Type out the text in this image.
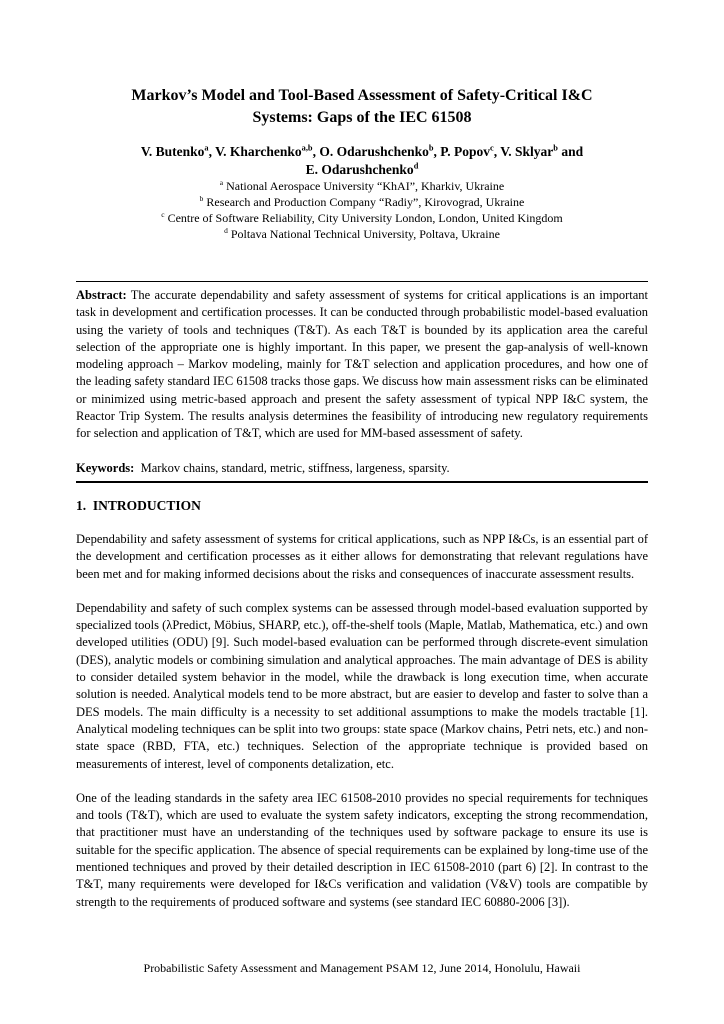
Markov’s Model and Tool-Based Assessment of Safety-Critical I&C
Systems: Gaps of the IEC 61508
V. Butenko$^a$, V. Kharchenko$^{a,b}$, O. Odarushchenko$^b$, P. Popov$^c$, V. Sklyar$^b$ and
E. Odarushchenko$^d$
$^a$ National Aerospace University “KhAI”, Kharkiv, Ukraine
$^b$ Research and Production Company “Radiy”, Kirovograd, Ukraine
$^c$ Centre of Software Reliability, City University London, London, United Kingdom
$^d$ Poltava National Technical University, Poltava, Ukraine

Abstract: The accurate dependability and safety assessment of systems for critical applications is an important task in development and certification processes. It can be conducted through probabilistic model-based evaluation using the variety of tools and techniques (T&T). As each T&T is bounded by its application area the careful selection of the appropriate one is highly important. In this paper, we present the gap-analysis of well-known modeling approach – Markov modeling, mainly for T&T selection and application procedures, and how one of the leading safety standard IEC 61508 tracks those gaps. We discuss how main assessment risks can be eliminated or minimized using metric-based approach and present the safety assessment of typical NPP I&C system, the Reactor Trip System. The results analysis determines the feasibility of introducing new regulatory requirements for selection and application of T&T, which are used for MM-based assessment of safety.

Keywords: Markov chains, standard, metric, stiffness, largeness, sparsity.

1.  INTRODUCTION

Dependability and safety assessment of systems for critical applications, such as NPP I&Cs, is an essential part of the development and certification processes as it either allows for demonstrating that relevant regulations have been met and for making informed decisions about the risks and consequences of inaccurate assessment results.

Dependability and safety of such complex systems can be assessed through model-based evaluation supported by specialized tools (λPredict, Möbius, SHARP, etc.), off-the-shelf tools (Maple, Matlab, Mathematica, etc.) and own developed utilities (ODU) [9]. Such model-based evaluation can be performed through discrete-event simulation (DES), analytic models or combining simulation and analytical approaches. The main advantage of DES is ability to consider detailed system behavior in the model, while the drawback is long execution time, when accurate solution is needed. Analytical models tend to be more abstract, but are easier to develop and faster to solve than a DES models. The main difficulty is a necessity to set additional assumptions to make the models tractable [1]. Analytical modeling techniques can be split into two groups: state space (Markov chains, Petri nets, etc.) and non-state space (RBD, FTA, etc.) techniques. Selection of the appropriate technique is provided based on measurements of interest, level of components detalization, etc.

One of the leading standards in the safety area IEC 61508-2010 provides no special requirements for techniques and tools (T&T), which are used to evaluate the system safety indicators, excepting the strong recommendation, that practitioner must have an understanding of the techniques used by software package to ensure its use is suitable for the specific application. The absence of special requirements can be explained by long-time use of the mentioned techniques and proved by their detailed description in IEC 61508-2010 (part 6) [2]. In contrast to the T&T, many requirements were developed for I&Cs verification and validation (V&V) tools are compatible by strength to the requirements of produced software and systems (see standard IEC 60880-2006 [3]).

Probabilistic Safety Assessment and Management PSAM 12, June 2014, Honolulu, Hawaii
